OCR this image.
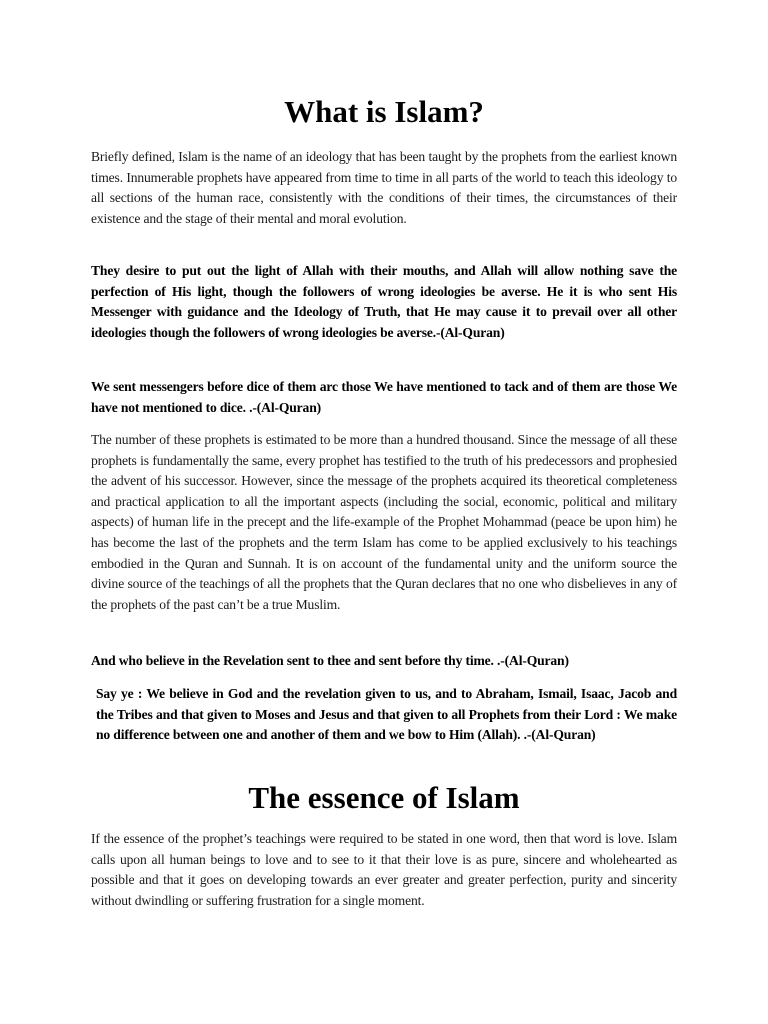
What is Islam?

Briefly defined, Islam is the name of an ideology that has been taught by the prophets from the earliest known times. Innumerable prophets have appeared from time to time in all parts of the world to teach this ideology to all sections of the human race, consistently with the conditions of their times, the circumstances of their existence and the stage of their mental and moral evolution.

They desire to put out the light of Allah with their mouths, and Allah will allow nothing save the perfection of His light, though the followers of wrong ideologies be averse. He it is who sent His Messenger with guidance and the Ideology of Truth, that He may cause it to prevail over all other ideologies though the followers of wrong ideologies be averse.-(Al-Quran)

We sent messengers before dice of them arc those We have mentioned to tack and of them are those We have not mentioned to dice. .-(Al-Quran)

The number of these prophets is estimated to be more than a hundred thousand. Since the message of all these prophets is fundamentally the same, every prophet has testified to the truth of his predecessors and prophesied the advent of his successor. However, since the message of the prophets acquired its theoretical completeness and practical application to all the important aspects (including the social, economic, political and military aspects) of human life in the precept and the life-example of the Prophet Mohammad (peace be upon him) he has become the last of the prophets and the term Islam has come to be applied exclusively to his teachings embodied in the Quran and Sunnah. It is on account of the fundamental unity and the uniform source the divine source of the teachings of all the prophets that the Quran declares that no one who disbelieves in any of the prophets of the past can’t be a true Muslim.

And who believe in the Revelation sent to thee and sent before thy time. .-(Al-Quran)

Say ye : We believe in God and the revelation given to us, and to Abraham, Ismail, Isaac, Jacob and the Tribes and that given to Moses and Jesus and that given to all Prophets from their Lord : We make no difference between one and another of them and we bow to Him (Allah). .-(Al-Quran)

The essence of Islam

If the essence of the prophet’s teachings were required to be stated in one word, then that word is love. Islam calls upon all human beings to love and to see to it that their love is as pure, sincere and wholehearted as possible and that it goes on developing towards an ever greater and greater perfection, purity and sincerity without dwindling or suffering frustration for a single moment.
